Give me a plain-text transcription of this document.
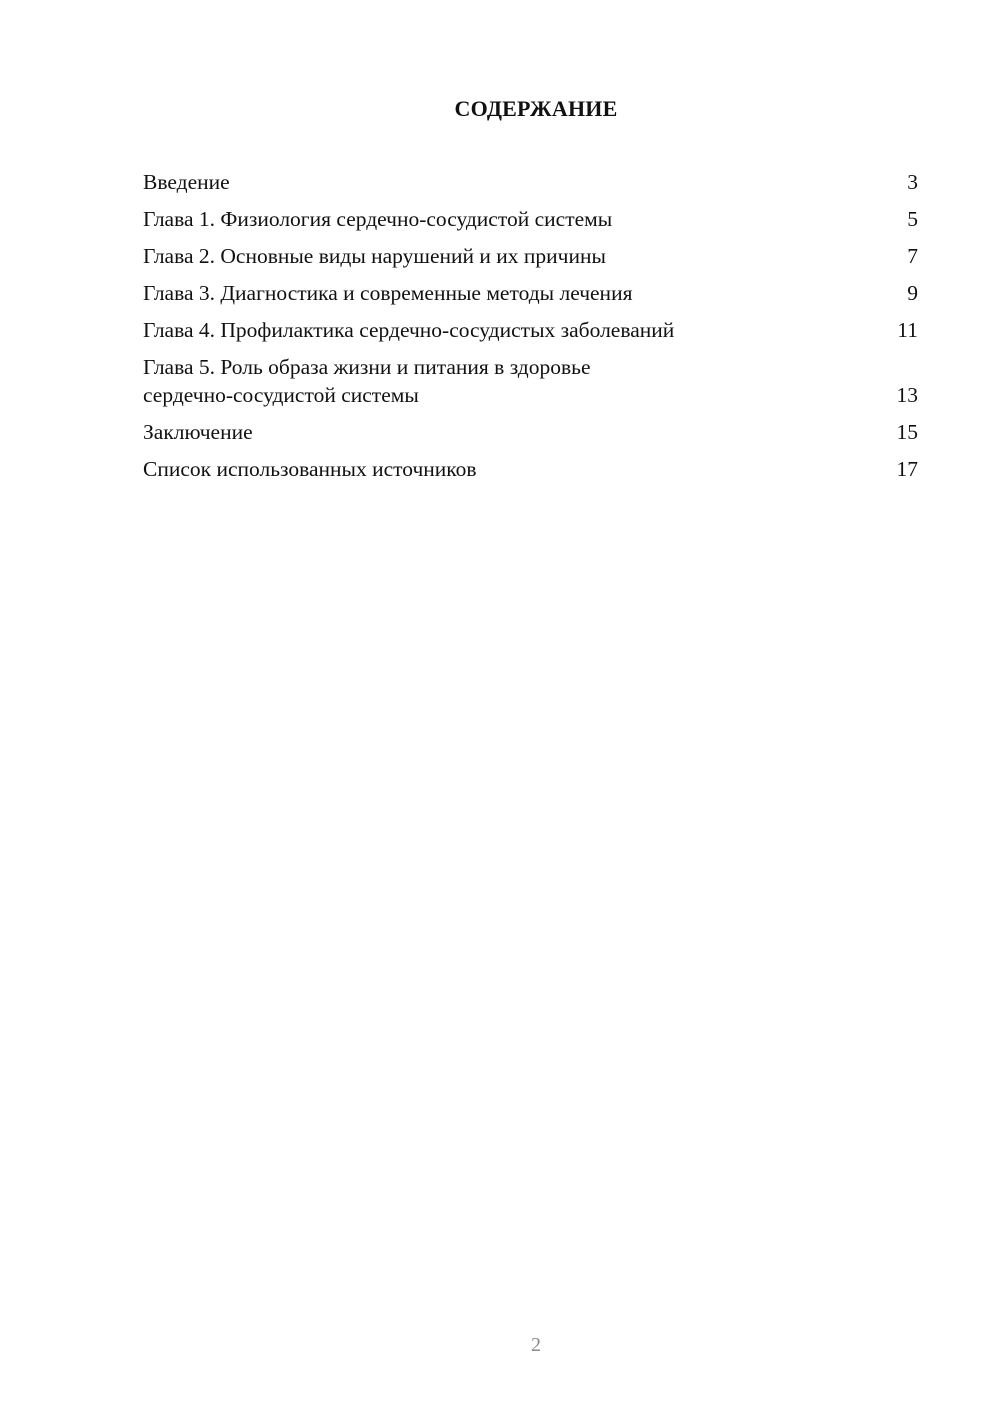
СОДЕРЖАНИЕ
Введение	3
Глава 1. Физиология сердечно-сосудистой системы	5
Глава 2. Основные виды нарушений и их причины	7
Глава 3. Диагностика и современные методы лечения	9
Глава 4. Профилактика сердечно-сосудистых заболеваний	11
Глава 5. Роль образа жизни и питания в здоровье
сердечно-сосудистой системы	13
Заключение	15
Список использованных источников	17
2
